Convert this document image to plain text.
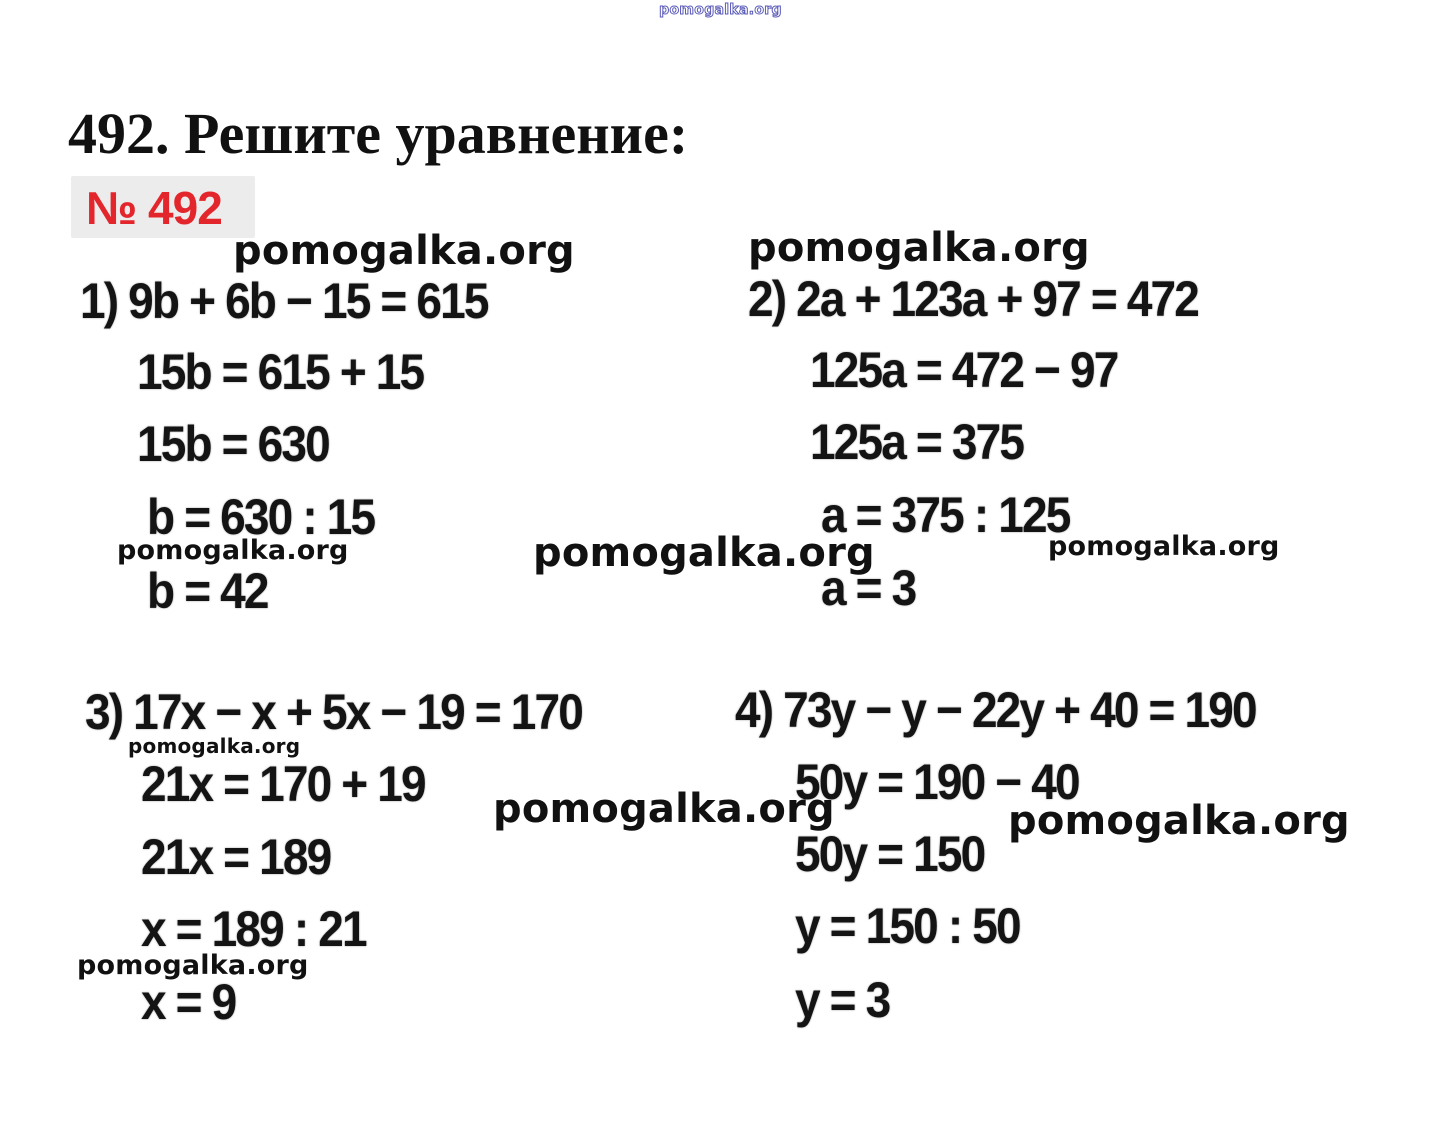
pomogalka.org
492. Решите уравнение:
№ 492
1) 9b + 6b − 15 = 615
15b = 615 + 15
15b = 630
b = 630 : 15
b = 42
2) 2a + 123a + 97 = 472
125a = 472 − 97
125a = 375
a = 375 : 125
a = 3
3) 17x − x + 5x − 19 = 170
21x = 170 + 19
21x = 189
x = 189 : 21
x = 9
4) 73y − y − 22y + 40 = 190
50y = 190 − 40
50y = 150
y = 150 : 50
y = 3
pomogalka.org	pomogalka.org
pomogalka.org	pomogalka.org	pomogalka.org
pomogalka.org
pomogalka.org	pomogalka.org
pomogalka.org
